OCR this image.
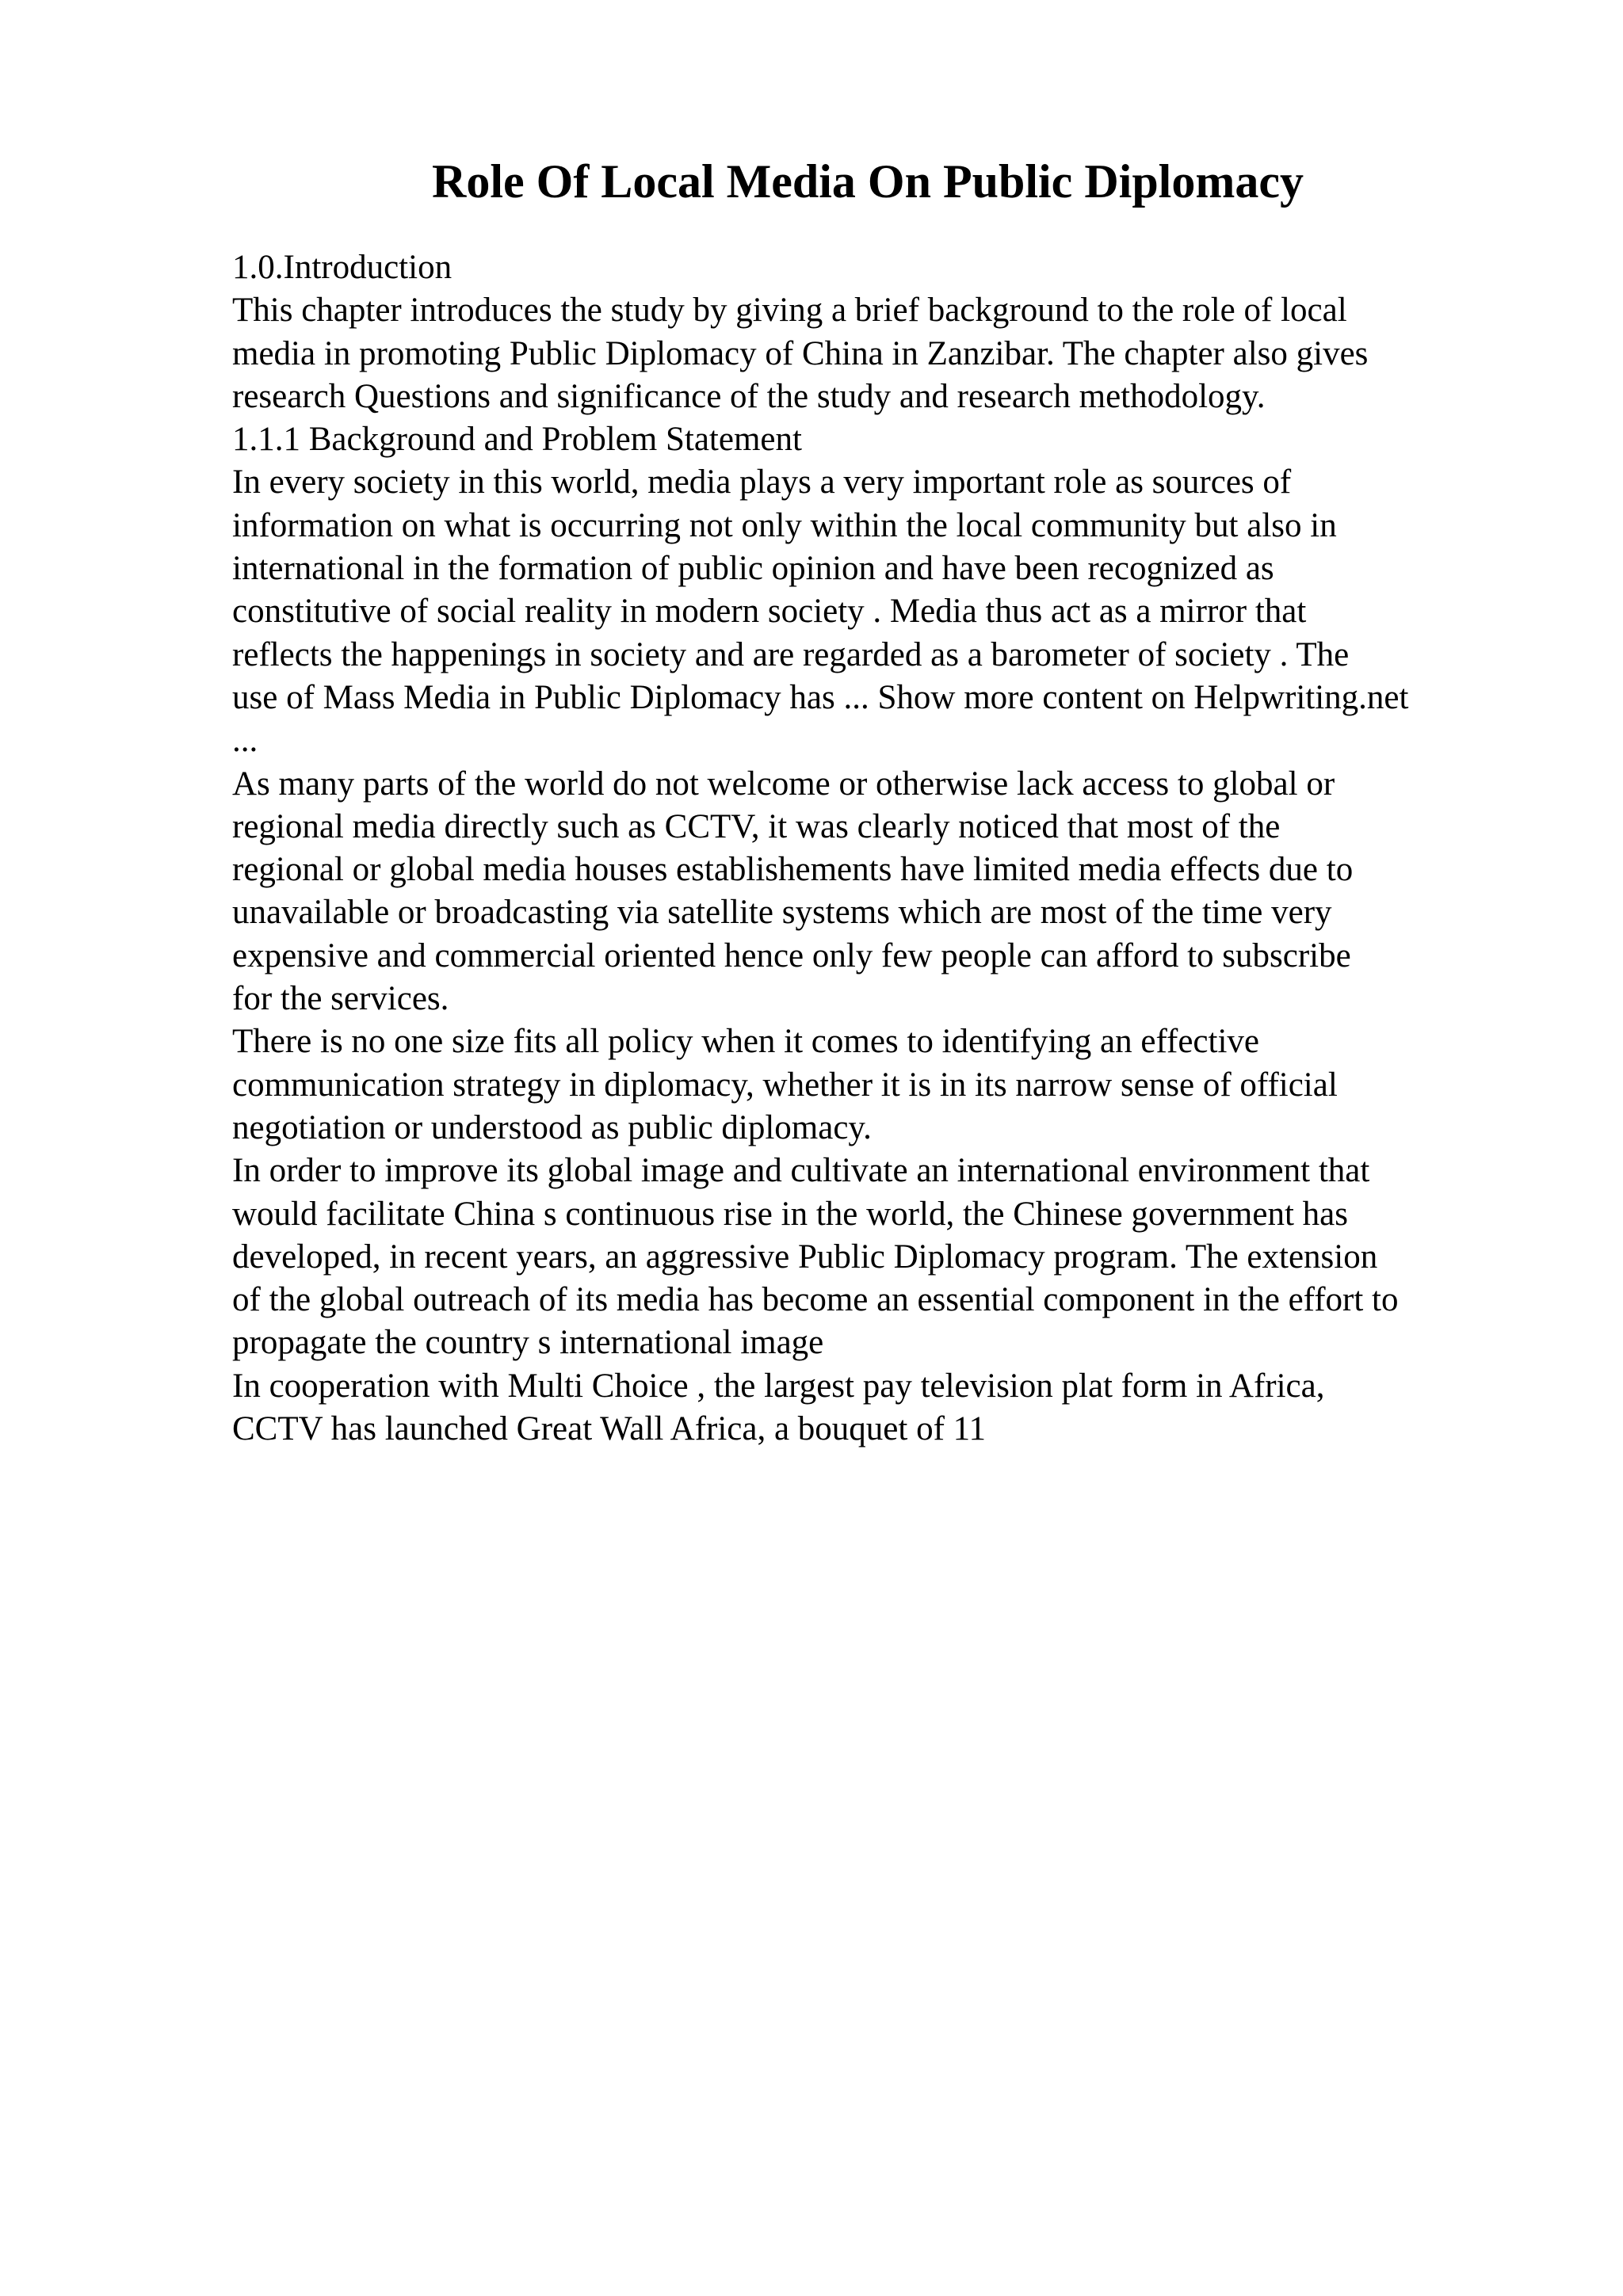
Role Of Local Media On Public Diplomacy
1.0.Introduction
This chapter introduces the study by giving a brief background to the role of local
media in promoting Public Diplomacy of China in Zanzibar. The chapter also gives
research Questions and significance of the study and research methodology.
1.1.1 Background and Problem Statement
In every society in this world, media plays a very important role as sources of
information on what is occurring not only within the local community but also in
international in the formation of public opinion and have been recognized as
constitutive of social reality in modern society . Media thus act as a mirror that
reflects the happenings in society and are regarded as a barometer of society . The
use of Mass Media in Public Diplomacy has ... Show more content on Helpwriting.net
...
As many parts of the world do not welcome or otherwise lack access to global or
regional media directly such as CCTV, it was clearly noticed that most of the
regional or global media houses establishements have limited media effects due to
unavailable or broadcasting via satellite systems which are most of the time very
expensive and commercial oriented hence only few people can afford to subscribe
for the services.
There is no one size fits all policy when it comes to identifying an effective
communication strategy in diplomacy, whether it is in its narrow sense of official
negotiation or understood as public diplomacy.
In order to improve its global image and cultivate an international environment that
would facilitate China s continuous rise in the world, the Chinese government has
developed, in recent years, an aggressive Public Diplomacy program. The extension
of the global outreach of its media has become an essential component in the effort to
propagate the country s international image
In cooperation with Multi Choice , the largest pay television plat form in Africa,
CCTV has launched Great Wall Africa, a bouquet of 11
